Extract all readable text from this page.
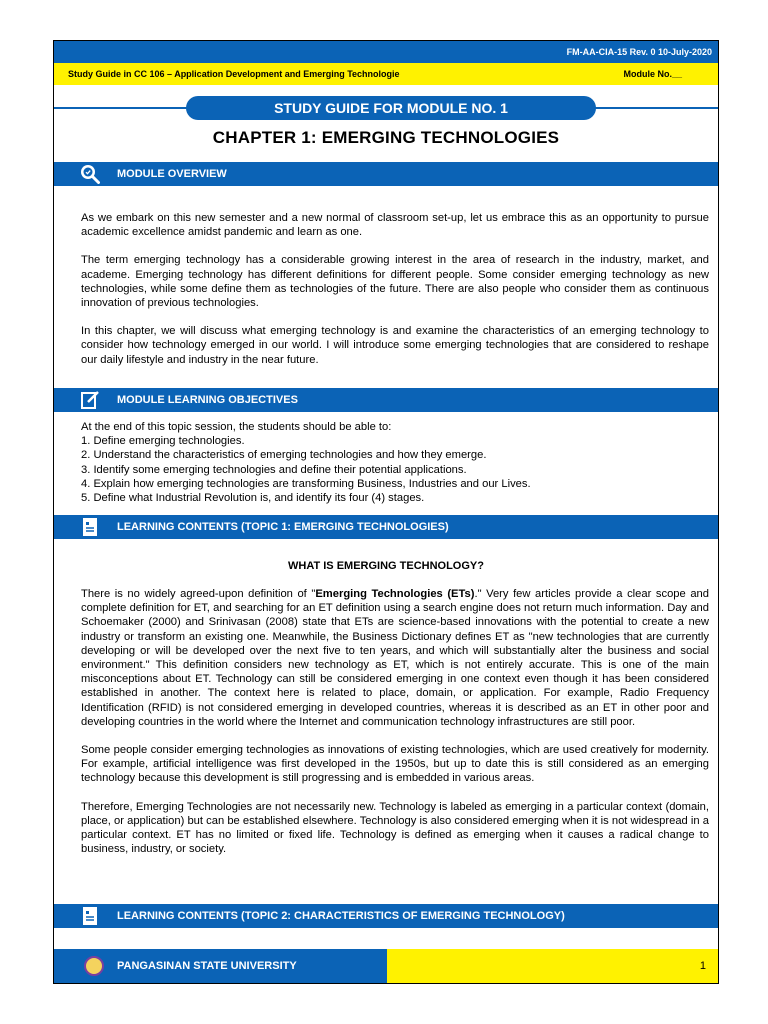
FM-AA-CIA-15 Rev. 0 10-July-2020
Study Guide in CC 106 – Application Development and Emerging Technologie	Module No.__
STUDY GUIDE FOR MODULE NO. 1
CHAPTER 1: EMERGING TECHNOLOGIES
MODULE OVERVIEW

As we embark on this new semester and a new normal of classroom set-up, let us embrace this as an opportunity to pursue academic excellence amidst pandemic and learn as one.

The term emerging technology has a considerable growing interest in the area of research in the industry, market, and academe. Emerging technology has different definitions for different people. Some consider emerging technology as new technologies, while some define them as technologies of the future. There are also people who consider them as continuous innovation of previous technologies.

In this chapter, we will discuss what emerging technology is and examine the characteristics of an emerging technology to consider how technology emerged in our world. I will introduce some emerging technologies that are considered to reshape our daily lifestyle and industry in the near future.

MODULE LEARNING OBJECTIVES
At the end of this topic session, the students should be able to:
1. Define emerging technologies.
2. Understand the characteristics of emerging technologies and how they emerge.
3. Identify some emerging technologies and define their potential applications.
4. Explain how emerging technologies are transforming Business, Industries and our Lives.
5. Define what Industrial Revolution is, and identify its four (4) stages.
LEARNING CONTENTS (TOPIC 1: EMERGING TECHNOLOGIES)
WHAT IS EMERGING TECHNOLOGY?

There is no widely agreed-upon definition of "Emerging Technologies (ETs)." Very few articles provide a clear scope and complete definition for ET, and searching for an ET definition using a search engine does not return much information. Day and Schoemaker (2000) and Srinivasan (2008) state that ETs are science-based innovations with the potential to create a new industry or transform an existing one. Meanwhile, the Business Dictionary defines ET as "new technologies that are currently developing or will be developed over the next five to ten years, and which will substantially alter the business and social environment." This definition considers new technology as ET, which is not entirely accurate. This is one of the main misconceptions about ET. Technology can still be considered emerging in one context even though it has been considered established in another. The context here is related to place, domain, or application. For example, Radio Frequency Identification (RFID) is not considered emerging in developed countries, whereas it is described as an ET in other poor and developing countries in the world where the Internet and communication technology infrastructures are still poor.

Some people consider emerging technologies as innovations of existing technologies, which are used creatively for modernity. For example, artificial intelligence was first developed in the 1950s, but up to date this is still considered as an emerging technology because this development is still progressing and is embedded in various areas.

Therefore, Emerging Technologies are not necessarily new. Technology is labeled as emerging in a particular context (domain, place, or application) but can be established elsewhere. Technology is also considered emerging when it is not widespread in a particular context. ET has no limited or fixed life. Technology is defined as emerging when it causes a radical change to business, industry, or society.

LEARNING CONTENTS (TOPIC 2: CHARACTERISTICS OF EMERGING TECHNOLOGY)
PANGASINAN STATE UNIVERSITY	1
